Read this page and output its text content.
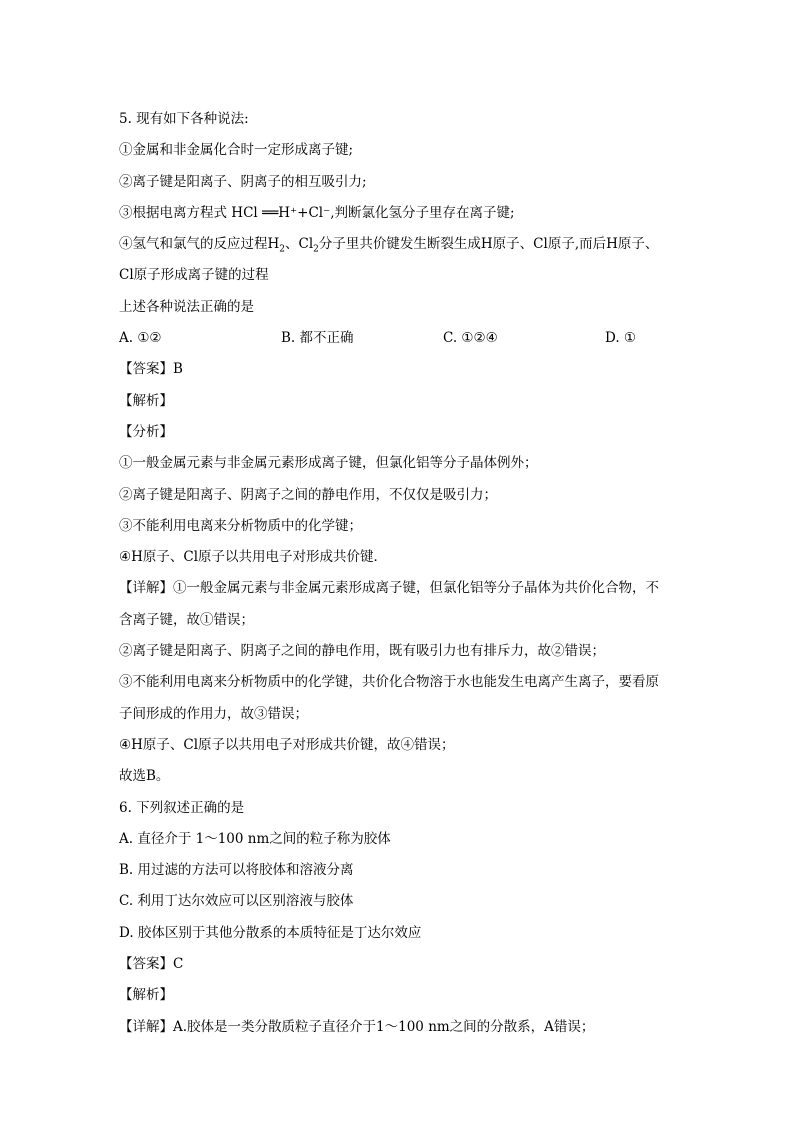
5. 现有如下各种说法:
①金属和非金属化合时一定形成离子键;
②离子键是阳离子、阴离子的相互吸引力;
③根据电离方程式 HCl ══H⁺+Cl⁻,判断氯化氢分子里存在离子键;
④氢气和氯气的反应过程$H_2$、$Cl_2$分子里共价键发生断裂生成H原子、Cl原子,而后H原子、
Cl原子形成离子键的过程
上述各种说法正确的是
A. ①②	B. 都不正确	C. ①②④	D. ①
【答案】B
【解析】
【分析】
①一般金属元素与非金属元素形成离子键，但氯化铝等分子晶体例外；
②离子键是阳离子、阴离子之间的静电作用，不仅仅是吸引力；
③不能利用电离来分析物质中的化学键；
④H原子、Cl原子以共用电子对形成共价键．
【详解】①一般金属元素与非金属元素形成离子键，但氯化铝等分子晶体为共价化合物，不
含离子键，故①错误；
②离子键是阳离子、阴离子之间的静电作用，既有吸引力也有排斥力，故②错误；
③不能利用电离来分析物质中的化学键，共价化合物溶于水也能发生电离产生离子，要看原
子间形成的作用力，故③错误；
④H原子、Cl原子以共用电子对形成共价键，故④错误；
故选B。
6. 下列叙述正确的是
A. 直径介于 1～100 nm之间的粒子称为胶体
B. 用过滤的方法可以将胶体和溶液分离
C. 利用丁达尔效应可以区别溶液与胶体
D. 胶体区别于其他分散系的本质特征是丁达尔效应
【答案】C
【解析】
【详解】A.胶体是一类分散质粒子直径介于1～100 nm之间的分散系，A错误；
